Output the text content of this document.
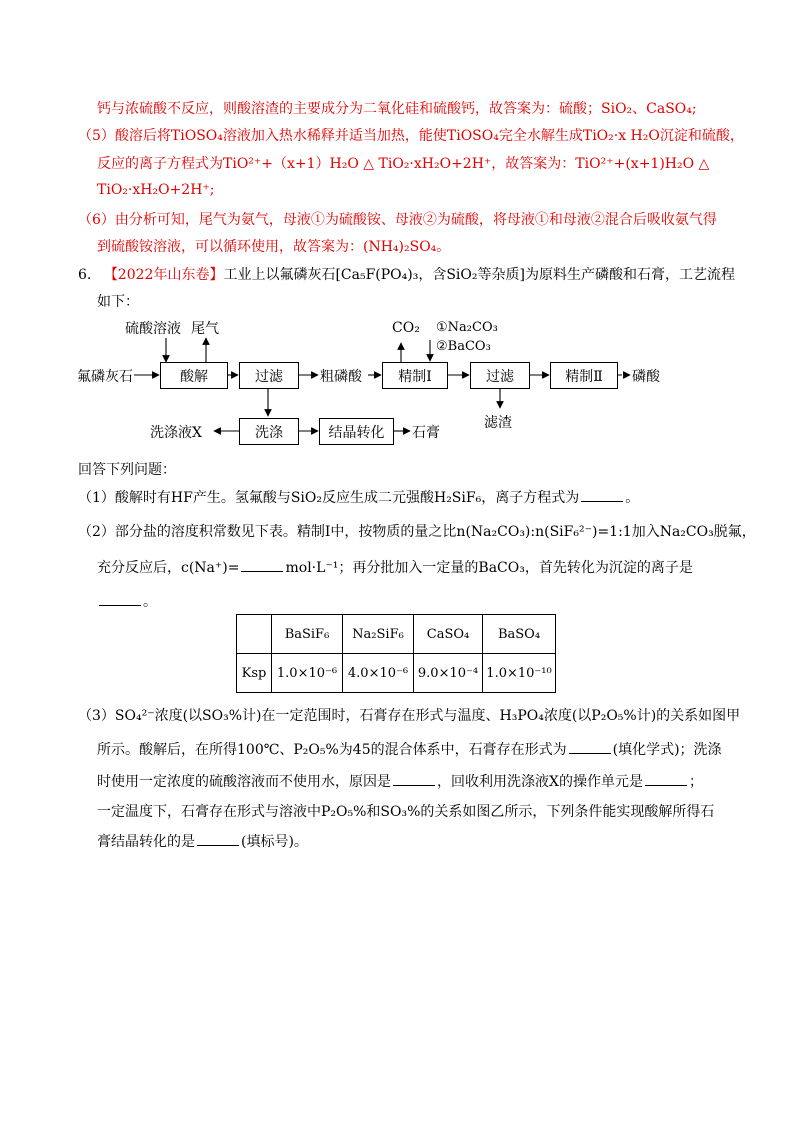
钙与浓硫酸不反应，则酸溶渣的主要成分为二氧化硅和硫酸钙，故答案为：硫酸；SiO₂、CaSO₄;
（5）酸溶后将TiOSO₄溶液加入热水稀释并适当加热，能使TiOSO₄完全水解生成TiO₂·x H₂O沉淀和硫酸，
反应的离子方程式为TiO²⁺+（x+1）H₂O △ TiO₂·xH₂O+2H⁺，故答案为：TiO²⁺+(x+1)H₂O △
TiO₂·xH₂O+2H⁺;
（6）由分析可知，尾气为氨气，母液①为硫酸铵、母液②为硫酸，将母液①和母液②混合后吸收氨气得
到硫酸铵溶液，可以循环使用，故答案为：(NH₄)₂SO₄。
6. 【2022年山东卷】工业上以氟磷灰石[Ca₅F(PO₄)₃，含SiO₂等杂质]为原料生产磷酸和石膏，工艺流程
如下：
氟磷灰石
硫酸溶液 尾气
酸解	过滤	粗磷酸	精制Ⅰ
CO₂ ①Na₂CO₃
②BaCO₃
过滤
滤渣
精制Ⅱ	磷酸
洗涤
洗涤液X	结晶转化	石膏
回答下列问题：
（1）酸解时有HF产生。氢氟酸与SiO₂反应生成二元强酸H₂SiF₆，离子方程式为	。
（2）部分盐的溶度积常数见下表。精制Ⅰ中，按物质的量之比n(Na₂CO₃):n(SiF₆²⁻)=1:1加入Na₂CO₃脱氟，
充分反应后，c(Na⁺)=	mol·L⁻¹；再分批加入一定量的BaCO₃，首先转化为沉淀的离子是
。
	BaSiF₆	Na₂SiF₆	CaSO₄	BaSO₄
Ksp	1.0×10⁻⁶	4.0×10⁻⁶	9.0×10⁻⁴	1.0×10⁻¹⁰
（3）SO₄²⁻浓度(以SO₃%计)在一定范围时，石膏存在形式与温度、H₃PO₄浓度(以P₂O₅%计)的关系如图甲
所示。酸解后，在所得100℃、P₂O₅%为45的混合体系中，石膏存在形式为	(填化学式)；洗涤
时使用一定浓度的硫酸溶液而不使用水，原因是	，回收利用洗涤液X的操作单元是	；
一定温度下，石膏存在形式与溶液中P₂O₅%和SO₃%的关系如图乙所示，下列条件能实现酸解所得石
膏结晶转化的是	(填标号)。
